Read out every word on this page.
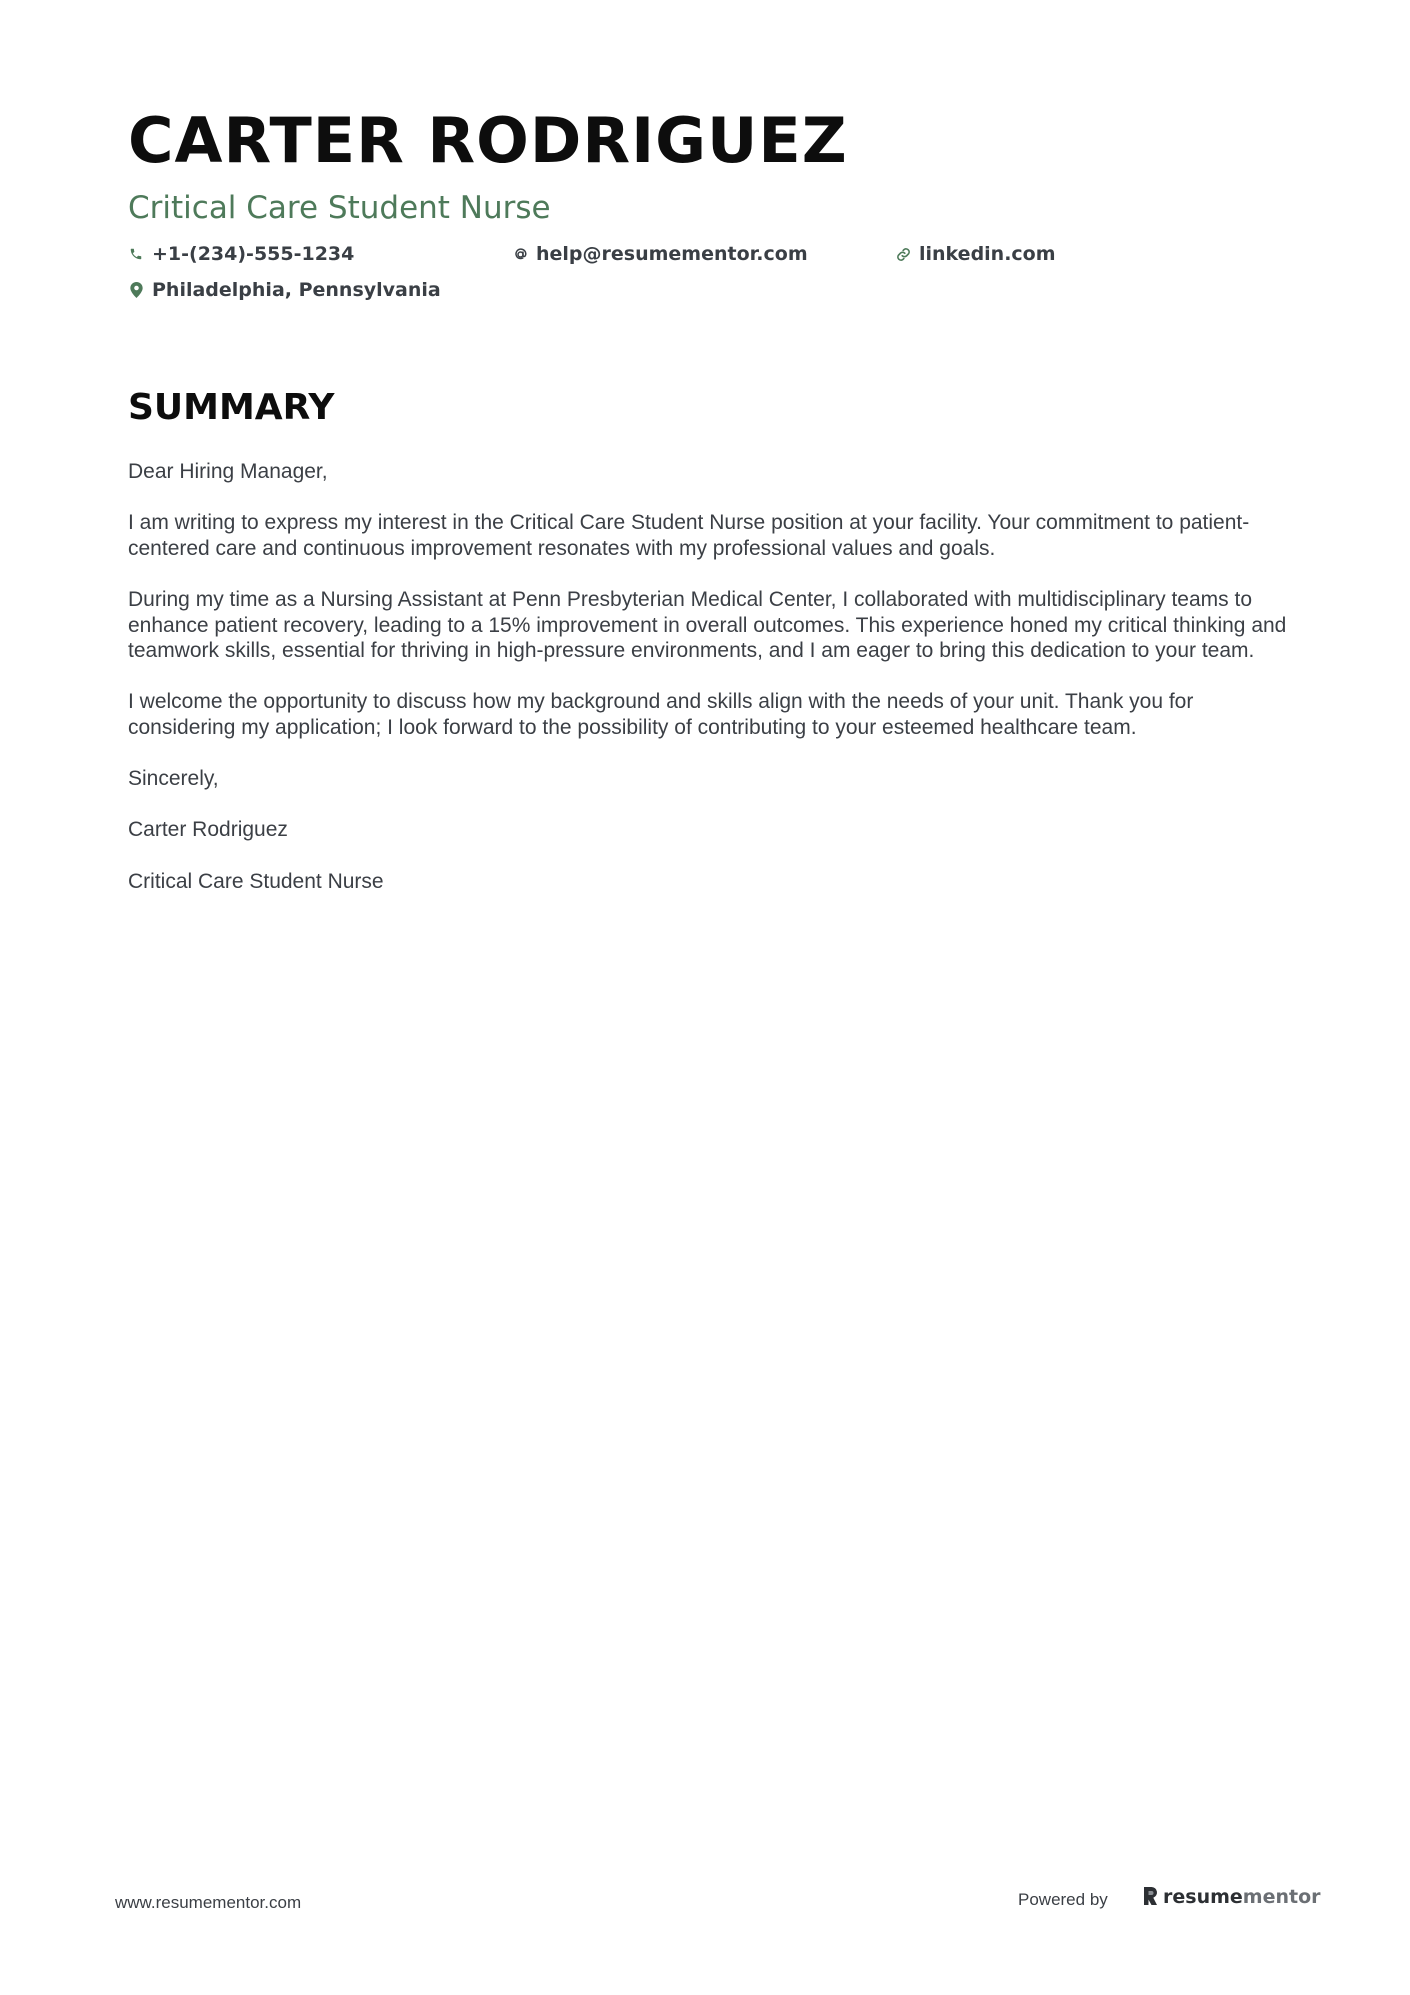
CARTER RODRIGUEZ
Critical Care Student Nurse
+1-(234)-555-1234	help@resumementor.com	linkedin.com
Philadelphia, Pennsylvania
SUMMARY

Dear Hiring Manager,

I am writing to express my interest in the Critical Care Student Nurse position at your facility. Your commitment to patient-centered care and continuous improvement resonates with my professional values and goals.

During my time as a Nursing Assistant at Penn Presbyterian Medical Center, I collaborated with multidisciplinary teams to enhance patient recovery, leading to a 15% improvement in overall outcomes. This experience honed my critical thinking and teamwork skills, essential for thriving in high-pressure environments, and I am eager to bring this dedication to your team.

I welcome the opportunity to discuss how my background and skills align with the needs of your unit. Thank you for considering my application; I look forward to the possibility of contributing to your esteemed healthcare team.

Sincerely,

Carter Rodriguez

Critical Care Student Nurse

www.resumementor.com	Powered by	resume mentor
